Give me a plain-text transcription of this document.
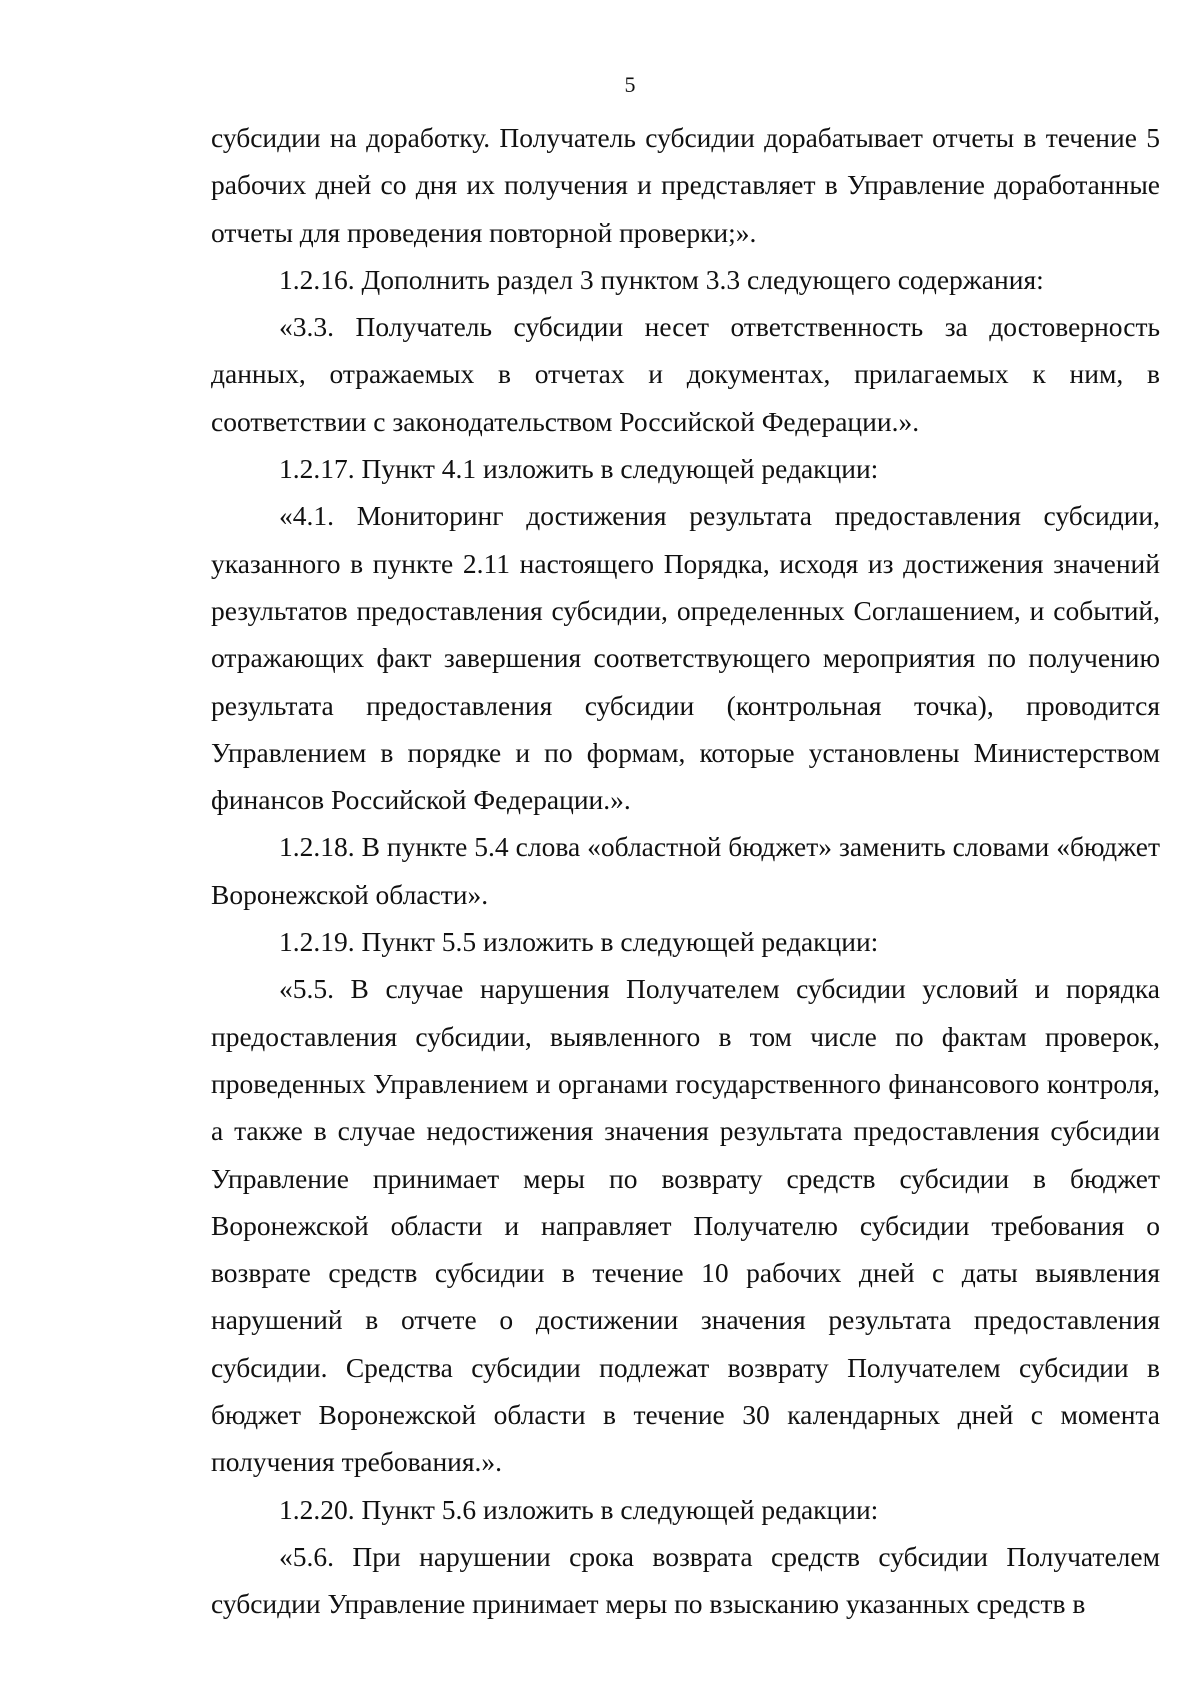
5

субсидии на доработку. Получатель субсидии дорабатывает отчеты в течение 5 рабочих дней со дня их получения и представляет в Управление доработанные отчеты для проведения повторной проверки;».

1.2.16. Дополнить раздел 3 пунктом 3.3 следующего содержания:

«3.3. Получатель субсидии несет ответственность за достоверность данных, отражаемых в отчетах и документах, прилагаемых к ним, в соответствии с законодательством Российской Федерации.».

1.2.17. Пункт 4.1 изложить в следующей редакции:

«4.1. Мониторинг достижения результата предоставления субсидии, указанного в пункте 2.11 настоящего Порядка, исходя из достижения значений результатов предоставления субсидии, определенных Соглашением, и событий, отражающих факт завершения соответствующего мероприятия по получению результата предоставления субсидии (контрольная точка), проводится Управлением в порядке и по формам, которые установлены Министерством финансов Российской Федерации.».

1.2.18. В пункте 5.4 слова «областной бюджет» заменить словами «бюджет Воронежской области».

1.2.19. Пункт 5.5 изложить в следующей редакции:

«5.5. В случае нарушения Получателем субсидии условий и порядка предоставления субсидии, выявленного в том числе по фактам проверок, проведенных Управлением и органами государственного финансового контроля, а также в случае недостижения значения результата предоставления субсидии Управление принимает меры по возврату средств субсидии в бюджет Воронежской области и направляет Получателю субсидии требования о возврате средств субсидии в течение 10 рабочих дней с даты выявления нарушений в отчете о достижении значения результата предоставления субсидии. Средства субсидии подлежат возврату Получателем субсидии в бюджет Воронежской области в течение 30 календарных дней с момента получения требования.».

1.2.20. Пункт 5.6 изложить в следующей редакции:

«5.6. При нарушении срока возврата средств субсидии Получателем субсидии Управление принимает меры по взысканию указанных средств в
